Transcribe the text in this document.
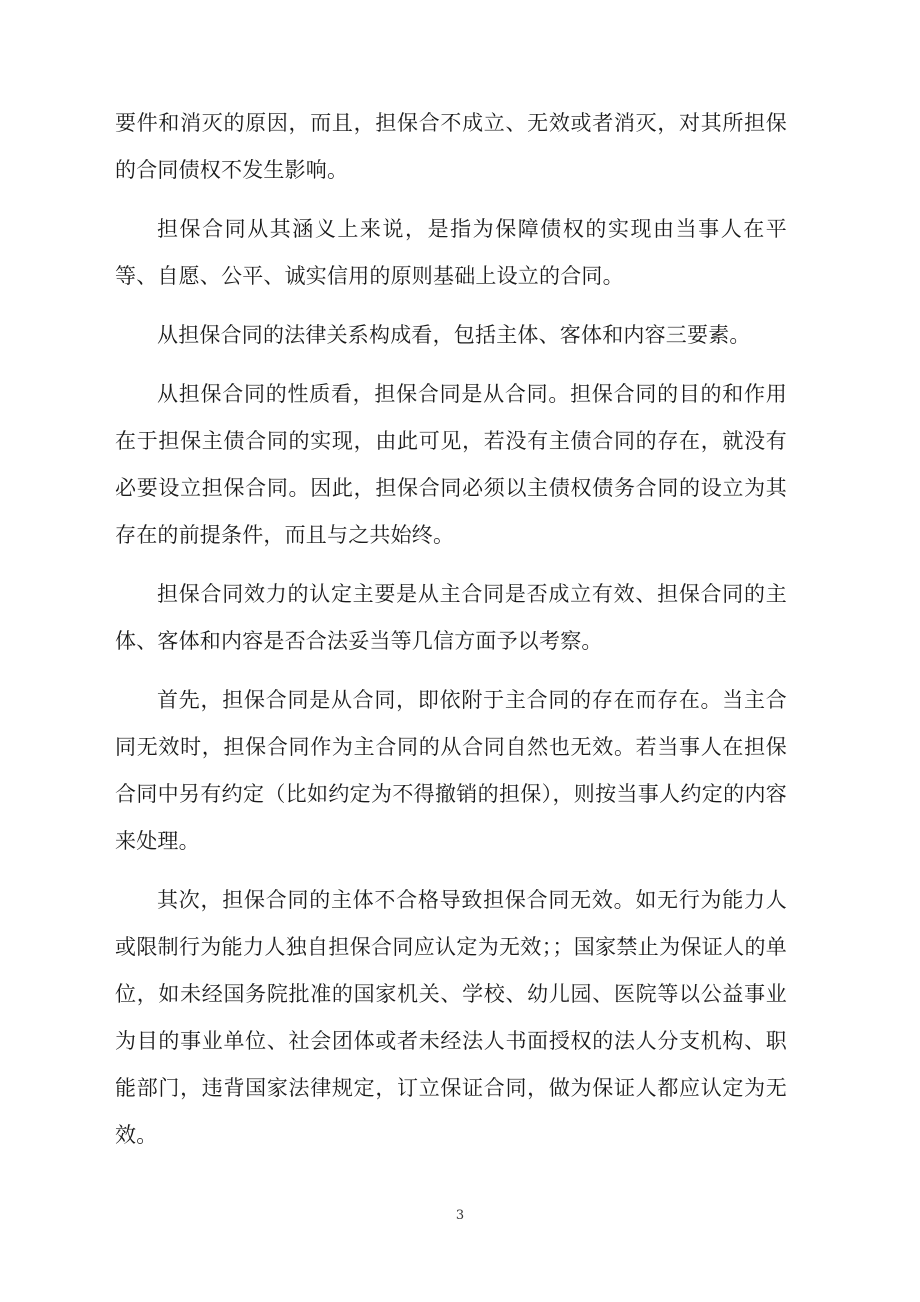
要件和消灭的原因，而且，担保合不成立、无效或者消灭，对其所担保的合同债权不发生影响。

担保合同从其涵义上来说，是指为保障债权的实现由当事人在平等、自愿、公平、诚实信用的原则基础上设立的合同。

从担保合同的法律关系构成看，包括主体、客体和内容三要素。

从担保合同的性质看，担保合同是从合同。担保合同的目的和作用在于担保主债合同的实现，由此可见，若没有主债合同的存在，就没有必要设立担保合同。因此，担保合同必须以主债权债务合同的设立为其存在的前提条件，而且与之共始终。

担保合同效力的认定主要是从主合同是否成立有效、担保合同的主体、客体和内容是否合法妥当等几信方面予以考察。

首先，担保合同是从合同，即依附于主合同的存在而存在。当主合同无效时，担保合同作为主合同的从合同自然也无效。若当事人在担保合同中另有约定（比如约定为不得撤销的担保），则按当事人约定的内容来处理。

其次，担保合同的主体不合格导致担保合同无效。如无行为能力人或限制行为能力人独自担保合同应认定为无效；；国家禁止为保证人的单位，如未经国务院批准的国家机关、学校、幼儿园、医院等以公益事业为目的事业单位、社会团体或者未经法人书面授权的法人分支机构、职能部门，违背国家法律规定，订立保证合同，做为保证人都应认定为无效。

3
